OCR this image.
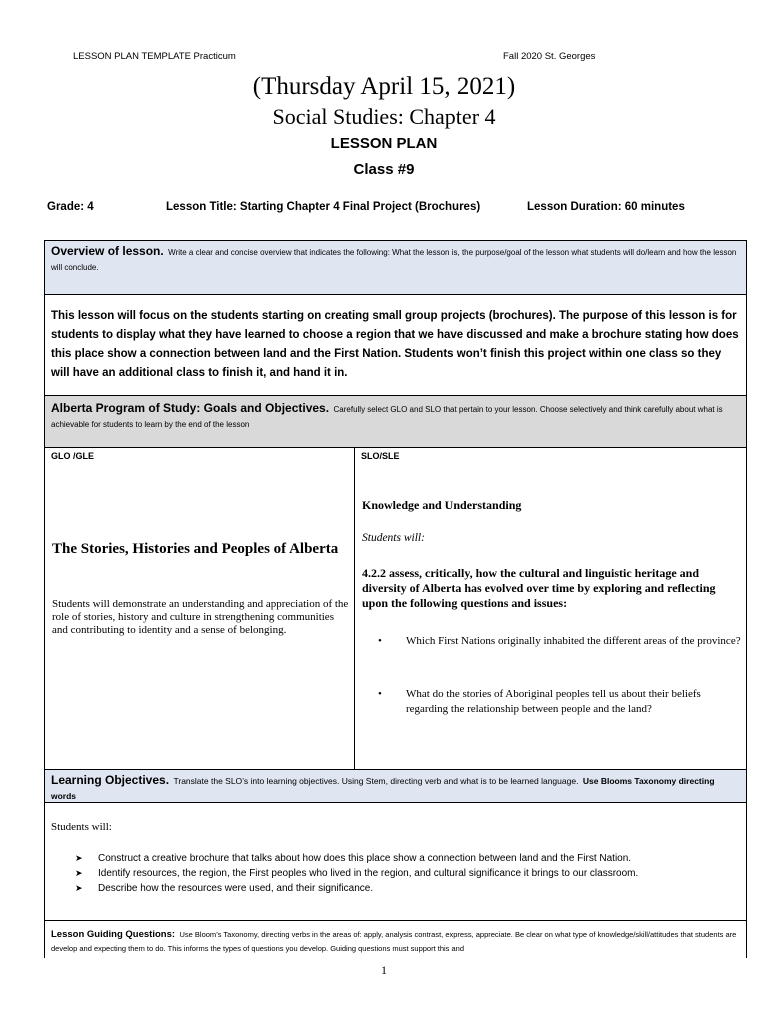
LESSON PLAN TEMPLATE Practicum	Fall 2020 St. Georges
(Thursday April 15, 2021)
Social Studies: Chapter 4
LESSON PLAN
Class #9
Grade: 4	Lesson Title: Starting Chapter 4 Final Project (Brochures)	Lesson Duration: 60 minutes
Overview of lesson. Write a clear and concise overview that indicates the following: What the lesson is, the purpose/goal of the lesson what students will do/learn and how the lesson will conclude.
This lesson will focus on the students starting on creating small group projects (brochures). The purpose of this lesson is for students to display what they have learned to choose a region that we have discussed and make a brochure stating how does this place show a connection between land and the First Nation. Students won’t finish this project within one class so they will have an additional class to finish it, and hand it in.
Alberta Program of Study: Goals and Objectives. Carefully select GLO and SLO that pertain to your lesson. Choose selectively and think carefully about what is achievable for students to learn by the end of the lesson
GLO /GLE
The Stories, Histories and Peoples of Alberta
Students will demonstrate an understanding and appreciation of the role of stories, history and culture in strengthening communities and contributing to identity and a sense of belonging.
SLO/SLE
Knowledge and Understanding
Students will:
4.2.2 assess, critically, how the cultural and linguistic heritage and diversity of Alberta has evolved over time by exploring and reflecting upon the following questions and issues:
• Which First Nations originally inhabited the different areas of the province?
• What do the stories of Aboriginal peoples tell us about their beliefs regarding the relationship between people and the land?
Learning Objectives. Translate the SLO’s into learning objectives. Using Stem, directing verb and what is to be learned language. Use Blooms Taxonomy directing words
Students will:
➤ Construct a creative brochure that talks about how does this place show a connection between land and the First Nation.
➤ Identify resources, the region, the First peoples who lived in the region, and cultural significance it brings to our classroom.
➤ Describe how the resources were used, and their significance.
Lesson Guiding Questions: Use Bloom’s Taxonomy, directing verbs in the areas of: apply, analysis contrast, express, appreciate. Be clear on what type of knowledge/skill/attitudes that students are develop and expecting them to do. This informs the types of questions you develop. Guiding questions must support this and
1
